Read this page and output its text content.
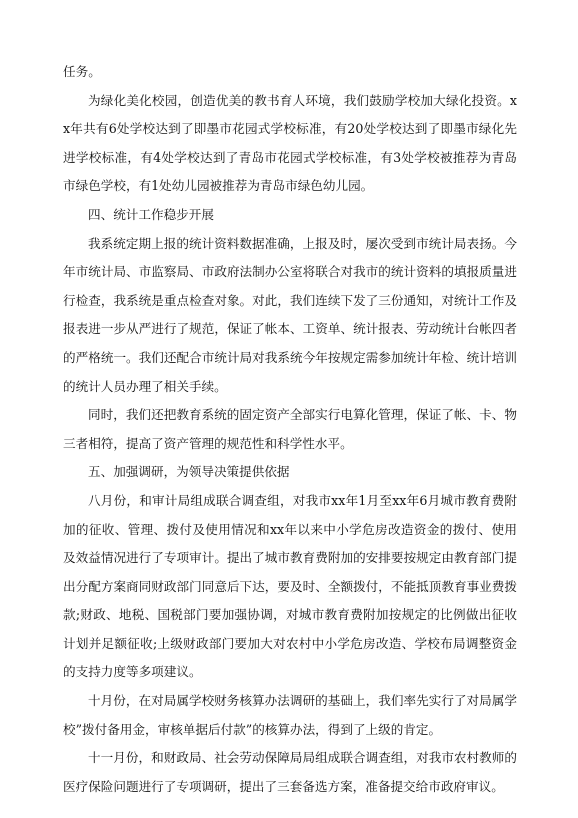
任务。

为绿化美化校园，创造优美的教书育人环境，我们鼓励学校加大绿化投资。xx年共有6处学校达到了即墨市花园式学校标准，有20处学校达到了即墨市绿化先进学校标准，有4处学校达到了青岛市花园式学校标准，有3处学校被推荐为青岛市绿色学校，有1处幼儿园被推荐为青岛市绿色幼儿园。

四、统计工作稳步开展

我系统定期上报的统计资料数据准确，上报及时，屡次受到市统计局表扬。今年市统计局、市监察局、市政府法制办公室将联合对我市的统计资料的填报质量进行检查，我系统是重点检查对象。对此，我们连续下发了三份通知，对统计工作及报表进一步从严进行了规范，保证了帐本、工资单、统计报表、劳动统计台帐四者的严格统一。我们还配合市统计局对我系统今年按规定需参加统计年检、统计培训的统计人员办理了相关手续。

同时，我们还把教育系统的固定资产全部实行电算化管理，保证了帐、卡、物三者相符，提高了资产管理的规范性和科学性水平。

五、加强调研，为领导决策提供依据

八月份，和审计局组成联合调查组，对我市xx年1月至xx年6月城市教育费附加的征收、管理、拨付及使用情况和xx年以来中小学危房改造资金的拨付、使用及效益情况进行了专项审计。提出了城市教育费附加的安排要按规定由教育部门提出分配方案商同财政部门同意后下达，要及时、全额拨付，不能抵顶教育事业费拨款;财政、地税、国税部门要加强协调，对城市教育费附加按规定的比例做出征收计划并足额征收;上级财政部门要加大对农村中小学危房改造、学校布局调整资金的支持力度等多项建议。

十月份，在对局属学校财务核算办法调研的基础上，我们率先实行了对局属学校”拨付备用金，审核单据后付款”的核算办法，得到了上级的肯定。

十一月份，和财政局、社会劳动保障局局组成联合调查组，对我市农村教师的医疗保险问题进行了专项调研，提出了三套备选方案，准备提交给市政府审议。
